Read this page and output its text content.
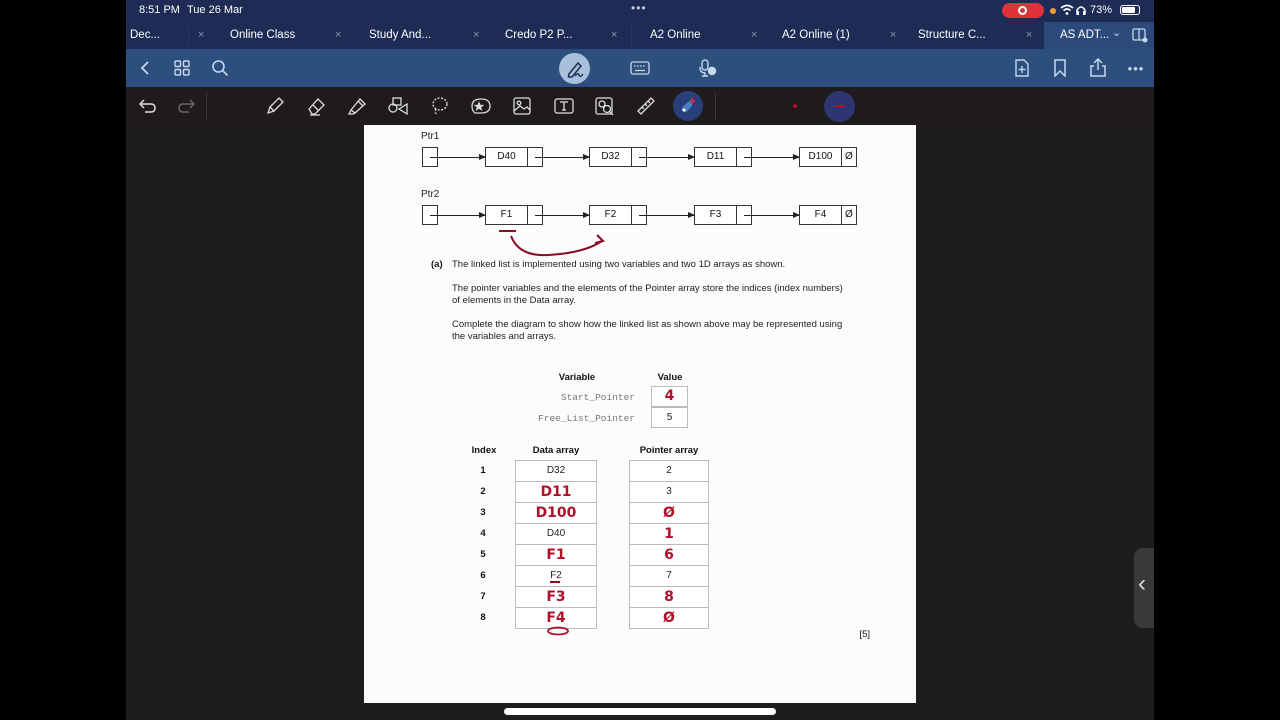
8:51 PM Tue 26 Mar	•••	73%
Dec...	× Online Class	× Study And...	× Credo P2 P...	×	A2 Online	× A2 Online (1)	× Structure C...	× AS ADT... ⌄
•••
Ptr1
D40	D32	D11	D100	Ø
Ptr2
F1	F2	F3	F4	Ø
(a) The linked list is implemented using two variables and two 1D arrays as shown.
The pointer variables and the elements of the Pointer array store the indices (index numbers)
of elements in the Data array.
Complete the diagram to show how the linked list as shown above may be represented using
the variables and arrays.
Variable	Value
Start_Pointer	4
Free_List_Pointer	5
Index	Data array	Pointer array
1	D32	2
2	D11	3
3	D100	Ø
4	D40	1
5	F1	6
6	F2	7
7	F3	8
8	F4	Ø
[5]
‹
